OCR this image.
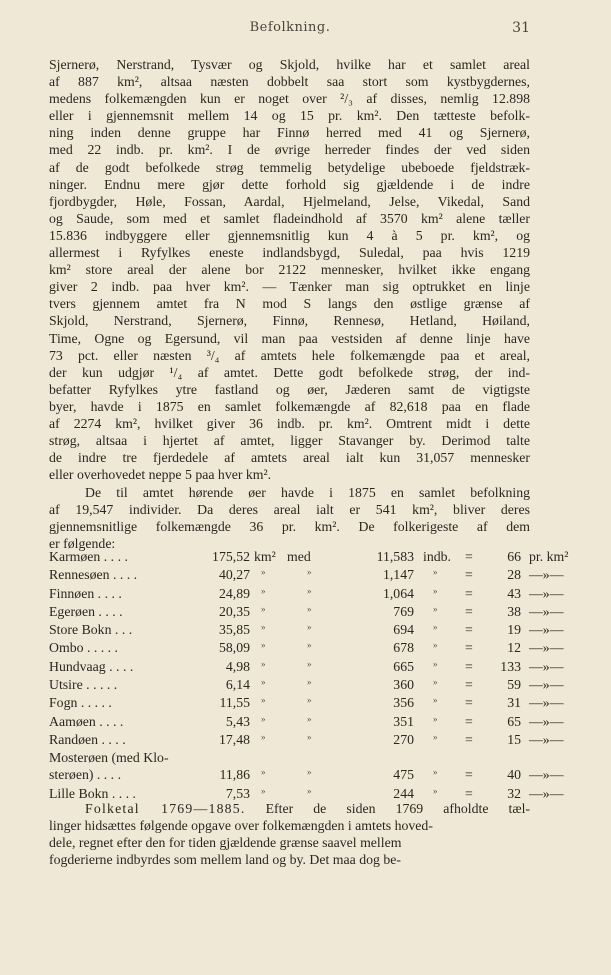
Befolkning.	31
Sjernerø, Nerstrand, Tysvær og Skjold, hvilke har et samlet areal
af 887 km², altsaa næsten dobbelt saa stort som kystbygdernes,
medens folkemængden kun er noget over ²/₃ af disses, nemlig 12.898
eller i gjennemsnit mellem 14 og 15 pr. km². Den tætteste befolk-
ning inden denne gruppe har Finnø herred med 41 og Sjernerø,
med 22 indb. pr. km². I de øvrige herreder findes der ved siden
af de godt befolkede strøg temmelig betydelige ubeboede fjeldstræk-
ninger. Endnu mere gjør dette forhold sig gjældende i de indre
fjordbygder, Høle, Fossan, Aardal, Hjelmeland, Jelse, Vikedal, Sand
og Saude, som med et samlet fladeindhold af 3570 km² alene tæller
15.836 indbyggere eller gjennemsnitlig kun 4 à 5 pr. km², og
allermest i Ryfylkes eneste indlandsbygd, Suledal, paa hvis 1219
km² store areal der alene bor 2122 mennesker, hvilket ikke engang
giver 2 indb. paa hver km². — Tænker man sig optrukket en linje
tvers gjennem amtet fra N mod S langs den østlige grænse af
Skjold, Nerstrand, Sjernerø, Finnø, Rennesø, Hetland, Høiland,
Time, Ogne og Egersund, vil man paa vestsiden af denne linje have
73 pct. eller næsten ³/₄ af amtets hele folkemængde paa et areal,
der kun udgjør ¹/₄ af amtet. Dette godt befolkede strøg, der ind-
befatter Ryfylkes ytre fastland og øer, Jæderen samt de vigtigste
byer, havde i 1875 en samlet folkemængde af 82,618 paa en flade
af 2274 km², hvilket giver 36 indb. pr. km². Omtrent midt i dette
strøg, altsaa i hjertet af amtet, ligger Stavanger by. Derimod talte
de indre tre fjerdedele af amtets areal ialt kun 31,057 mennesker
eller overhovedet neppe 5 paa hver km².
De til amtet hørende øer havde i 1875 en samlet befolkning
af 19,547 individer. Da deres areal ialt er 541 km², bliver deres
gjennemsnitlige folkemængde 36 pr. km². De folkerigeste af dem
er følgende:
Karmøen . . . .	175,52 km² med	11,583 indb. =	66 pr. km²
Rennesøen . . . .	40,27 »	»	1,147 » =	28 —»—
Finnøen . . . .	24,89 »	»	1,064 » =	43 —»—
Egerøen . . . .	20,35 »	»	769 » =	38 —»—
Store Bokn . . .	35,85 »	»	694 » =	19 —»—
Ombo . . . . .	58,09 »	»	678 » =	12 —»—
Hundvaag . . . .	4,98 »	»	665 » =	133 —»—
Utsire . . . . .	6,14 »	»	360 » =	59 —»—
Fogn . . . . .	11,55 »	»	356 » =	31 —»—
Aamøen . . . .	5,43 »	»	351 » =	65 —»—
Randøen . . . .	17,48 »	»	270 » =	15 —»—
Mosterøen (med Klo-
sterøen) . . . .	11,86 »	»	475 » =	40 —»—
Lille Bokn . . . .	7,53 »	»	244 » =	32 —»—
Folketal 1769—1885. Efter de siden 1769 afholdte tæl-
linger hidsættes følgende opgave over folkemængden i amtets hoved-
dele, regnet efter den for tiden gjældende grænse saavel mellem
fogderierne indbyrdes som mellem land og by. Det maa dog be-
